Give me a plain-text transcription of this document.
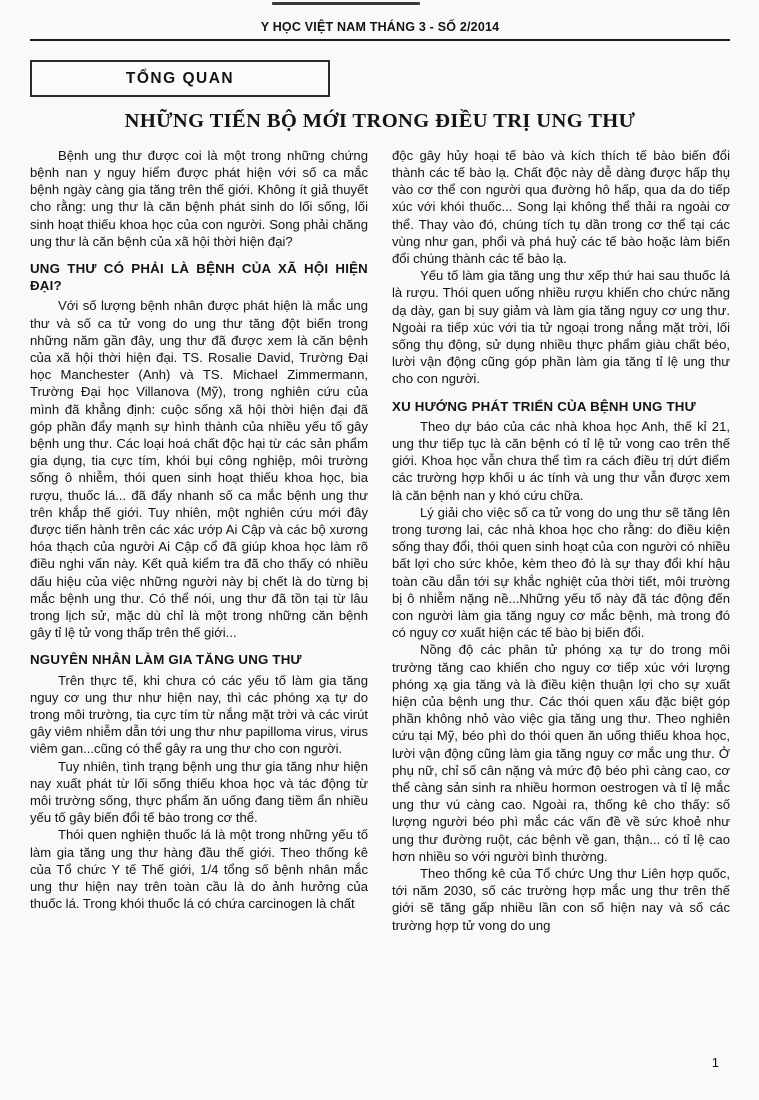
Y HỌC VIỆT NAM THÁNG 3 - SỐ 2/2014
TỔNG QUAN
NHỮNG TIẾN BỘ MỚI TRONG ĐIỀU TRỊ UNG THƯ
Bệnh ung thư được coi là một trong những chứng bệnh nan y nguy hiểm được phát hiện với số ca mắc bệnh ngày càng gia tăng trên thế giới. Không ít giả thuyết cho rằng: ung thư là căn bệnh phát sinh do lối sống, lối sinh hoạt thiếu khoa học của con người. Song phải chăng ung thư là căn bệnh của xã hội thời hiện đại?
UNG THƯ CÓ PHẢI LÀ BỆNH CỦA XÃ HỘI HIỆN ĐẠI?
Với số lượng bệnh nhân được phát hiện là mắc ung thư và số ca tử vong do ung thư tăng đột biến trong những năm gần đây, ung thư đã được xem là căn bệnh của xã hội thời hiện đại. TS. Rosalie David, Trường Đại học Manchester (Anh) và TS. Michael Zimmermann, Trường Đại học Villanova (Mỹ), trong nghiên cứu của mình đã khẳng định: cuộc sống xã hội thời hiện đại đã góp phần đẩy mạnh sự hình thành của nhiều yếu tố gây bệnh ung thư. Các loại hoá chất độc hại từ các sản phẩm gia dụng, tia cực tím, khói bụi công nghiệp, môi trường sống ô nhiễm, thói quen sinh hoạt thiếu khoa học, bia rượu, thuốc lá... đã đẩy nhanh số ca mắc bệnh ung thư trên khắp thế giới. Tuy nhiên, một nghiên cứu mới đây được tiến hành trên các xác ướp Ai Cập và các bộ xương hóa thạch của người Ai Cập cổ đã giúp khoa học làm rõ điều nghi vấn này. Kết quả kiểm tra đã cho thấy có nhiều dấu hiệu của việc những người này bị chết là do từng bị mắc bệnh ung thư. Có thể nói, ung thư đã tồn tại từ lâu trong lịch sử, mặc dù chỉ là một trong những căn bệnh gây tỉ lệ tử vong thấp trên thế giới...
NGUYÊN NHÂN LÀM GIA TĂNG UNG THƯ
Trên thực tế, khi chưa có các yếu tố làm gia tăng nguy cơ ung thư như hiện nay, thì các phóng xạ tự do trong môi trường, tia cực tím từ nắng mặt trời và các virút gây viêm nhiễm dẫn tới ung thư như papilloma virus, virus viêm gan...cũng có thể gây ra ung thư cho con người.
Tuy nhiên, tình trạng bệnh ung thư gia tăng như hiện nay xuất phát từ lối sống thiếu khoa học và tác động từ môi trường sống, thực phẩm ăn uống đang tiềm ẩn nhiều yếu tố gây biến đổi tế bào trong cơ thể.
Thói quen nghiện thuốc lá là một trong những yếu tố làm gia tăng ung thư hàng đầu thế giới. Theo thống kê của Tổ chức Y tế Thế giới, 1/4 tổng số bệnh nhân mắc ung thư hiện nay trên toàn cầu là do ảnh hưởng của thuốc lá. Trong khói thuốc lá có chứa carcinogen là chất
độc gây hủy hoại tế bào và kích thích tế bào biến đổi thành các tế bào lạ. Chất độc này dễ dàng được hấp thụ vào cơ thể con người qua đường hô hấp, qua da do tiếp xúc với khói thuốc... Song lại không thể thải ra ngoài cơ thể. Thay vào đó, chúng tích tụ dần trong cơ thể tại các vùng như gan, phổi và phá huỷ các tế bào hoặc làm biến đổi chúng thành các tế bào lạ.
Yếu tố làm gia tăng ung thư xếp thứ hai sau thuốc lá là rượu. Thói quen uống nhiều rượu khiến cho chức năng dạ dày, gan bị suy giảm và làm gia tăng nguy cơ ung thư. Ngoài ra tiếp xúc với tia tử ngoại trong nắng mặt trời, lối sống thụ động, sử dụng nhiều thực phẩm giàu chất béo, lười vận động cũng góp phần làm gia tăng tỉ lệ ung thư cho con người.
XU HƯỚNG PHÁT TRIỂN CỦA BỆNH UNG THƯ
Theo dự báo của các nhà khoa học Anh, thế kỉ 21, ung thư tiếp tục là căn bệnh có tỉ lệ tử vong cao trên thế giới. Khoa học vẫn chưa thể tìm ra cách điều trị dứt điểm các trường hợp khối u ác tính và ung thư vẫn được xem là căn bệnh nan y khó cứu chữa.
Lý giải cho việc số ca tử vong do ung thư sẽ tăng lên trong tương lai, các nhà khoa học cho rằng: do điều kiện sống thay đổi, thói quen sinh hoạt của con người có nhiều bất lợi cho sức khỏe, kèm theo đó là sự thay đổi khí hậu toàn cầu dẫn tới sự khắc nghiệt của thời tiết, môi trường bị ô nhiễm nặng nề...Những yếu tố này đã tác động đến con người làm gia tăng nguy cơ mắc bệnh, mà trong đó có nguy cơ xuất hiện các tế bào bị biến đổi.
Nồng độ các phân tử phóng xạ tự do trong môi trường tăng cao khiến cho nguy cơ tiếp xúc với lượng phóng xạ gia tăng và là điều kiện thuận lợi cho sự xuất hiện của bệnh ung thư. Các thói quen xấu đặc biệt góp phần không nhỏ vào việc gia tăng ung thư. Theo nghiên cứu tại Mỹ, béo phì do thói quen ăn uống thiếu khoa học, lười vận động cũng làm gia tăng nguy cơ mắc ung thư. Ở phụ nữ, chỉ số cân nặng và mức độ béo phì càng cao, cơ thể càng sản sinh ra nhiều hormon oestrogen và tỉ lệ mắc ung thư vú càng cao. Ngoài ra, thống kê cho thấy: số lượng người béo phì mắc các vấn đề về sức khoẻ như ung thư đường ruột, các bệnh về gan, thận... có tỉ lệ cao hơn nhiều so với người bình thường.
Theo thống kê của Tổ chức Ung thư Liên hợp quốc, tới năm 2030, số các trường hợp mắc ung thư trên thế giới sẽ tăng gấp nhiều lần con số hiện nay và số các trường hợp tử vong do ung
1
